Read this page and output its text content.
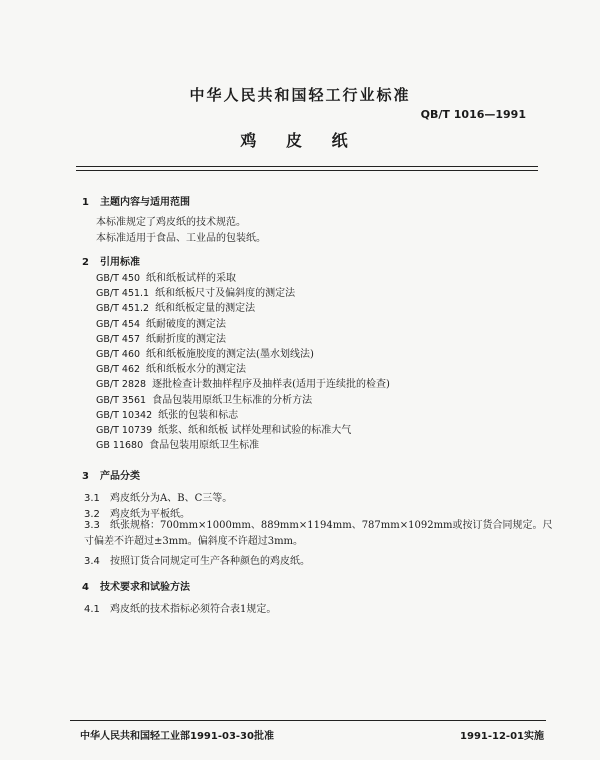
中华人民共和国轻工行业标准
QB/T 1016—1991
鸡 皮 纸
1 主题内容与适用范围
本标准规定了鸡皮纸的技术规范。
本标准适用于食品、工业品的包装纸。
2 引用标准
GB/T 450 纸和纸板试样的采取
GB/T 451.1 纸和纸板尺寸及偏斜度的测定法
GB/T 451.2 纸和纸板定量的测定法
GB/T 454 纸耐破度的测定法
GB/T 457 纸耐折度的测定法
GB/T 460 纸和纸板施胶度的测定法(墨水划线法)
GB/T 462 纸和纸板水分的测定法
GB/T 2828 逐批检查计数抽样程序及抽样表(适用于连续批的检查)
GB/T 3561 食品包装用原纸卫生标准的分析方法
GB/T 10342 纸张的包装和标志
GB/T 10739 纸浆、纸和纸板 试样处理和试验的标准大气
GB 11680 食品包装用原纸卫生标准
3 产品分类
3.1 鸡皮纸分为A、B、C三等。
3.2 鸡皮纸为平板纸。
3.3 纸张规格：700mm×1000mm、889mm×1194mm、787mm×1092mm或按订货合同规定。尺寸偏差不许超过±3mm。偏斜度不许超过3mm。
3.4 按照订货合同规定可生产各种颜色的鸡皮纸。
4 技术要求和试验方法
4.1 鸡皮纸的技术指标必须符合表1规定。
中华人民共和国轻工业部1991-03-30批准	1991-12-01实施
